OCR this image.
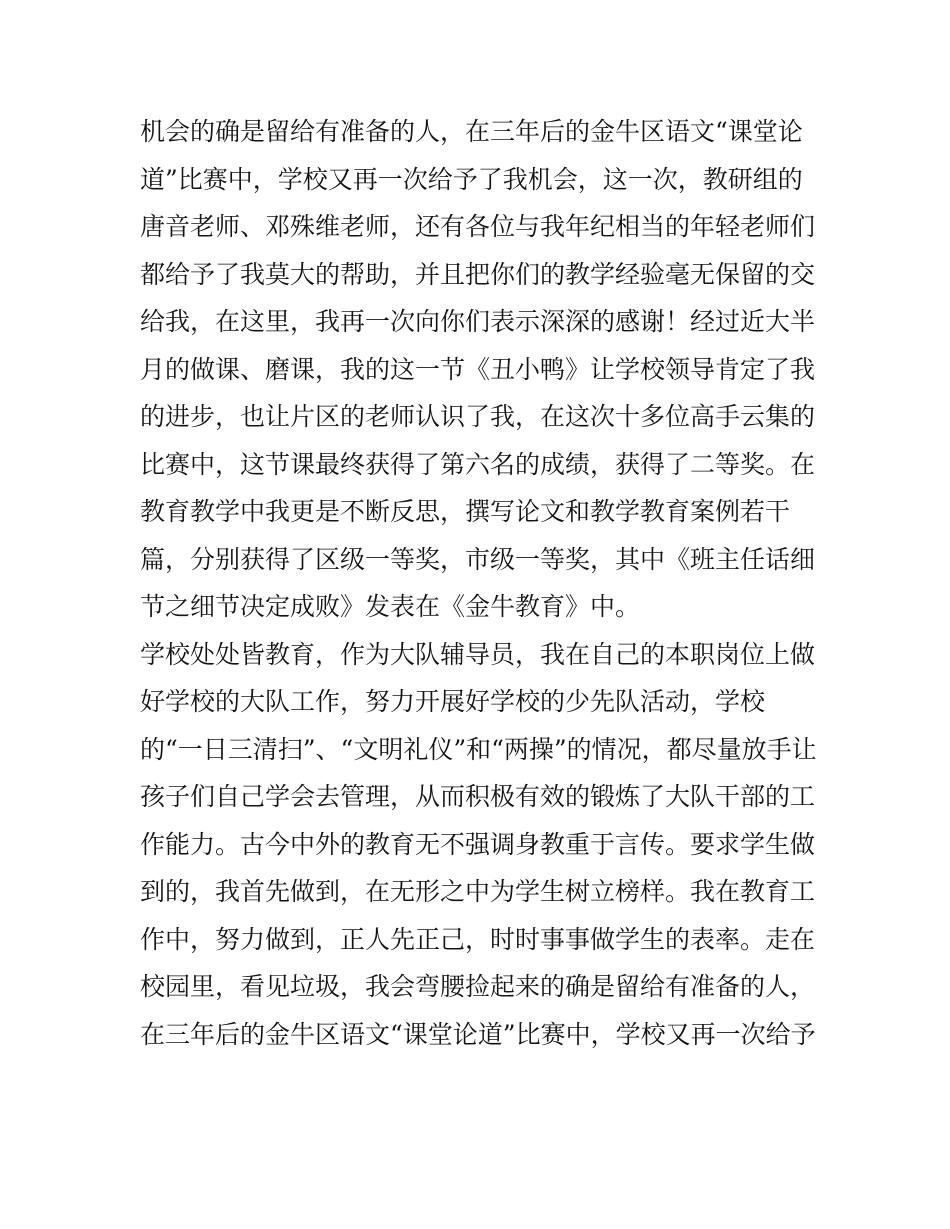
机会的确是留给有准备的人，在三年后的金牛区语文“课堂论
道”比赛中，学校又再一次给予了我机会，这一次，教研组的
唐音老师、邓殊维老师，还有各位与我年纪相当的年轻老师们
都给予了我莫大的帮助，并且把你们的教学经验毫无保留的交
给我，在这里，我再一次向你们表示深深的感谢！经过近大半
月的做课、磨课，我的这一节《丑小鸭》让学校领导肯定了我
的进步，也让片区的老师认识了我，在这次十多位高手云集的
比赛中，这节课最终获得了第六名的成绩，获得了二等奖。在
教育教学中我更是不断反思，撰写论文和教学教育案例若干
篇，分别获得了区级一等奖，市级一等奖，其中《班主任话细
节之细节决定成败》发表在《金牛教育》中。
学校处处皆教育，作为大队辅导员，我在自己的本职岗位上做
好学校的大队工作，努力开展好学校的少先队活动，学校
的“一日三清扫”、“文明礼仪”和“两操”的情况，都尽量放手让
孩子们自己学会去管理，从而积极有效的锻炼了大队干部的工
作能力。古今中外的教育无不强调身教重于言传。要求学生做
到的，我首先做到，在无形之中为学生树立榜样。我在教育工
作中，努力做到，正人先正己，时时事事做学生的表率。走在
校园里，看见垃圾，我会弯腰捡起来的确是留给有准备的人，
在三年后的金牛区语文“课堂论道”比赛中，学校又再一次给予
